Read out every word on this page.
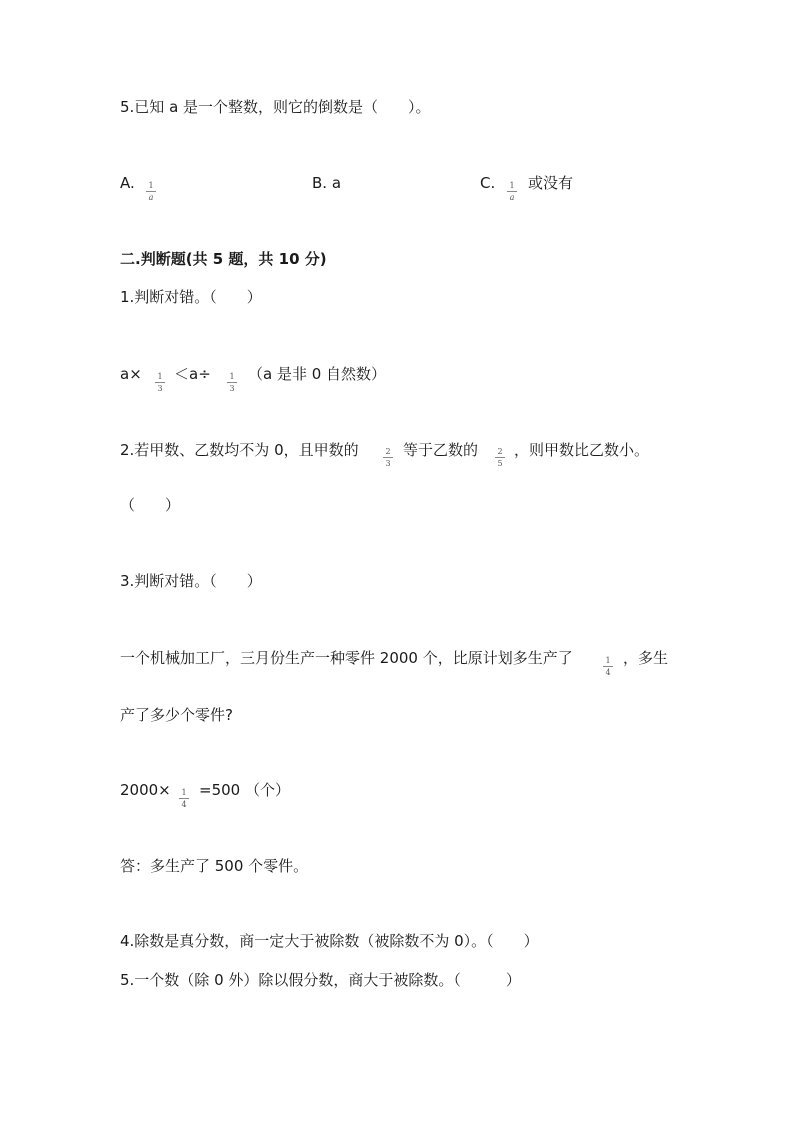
5.已知 a 是一个整数，则它的倒数是（　　）。
A.	1
a
B. a	C.	1
a
或没有
二.判断题(共 5 题，共 10 分)
1.判断对错。（　　）
a×	1
3
＜a÷	1
3
（a 是非 0 自然数）
2.若甲数、乙数均不为 0，且甲数的	2
3
等于乙数的	2
5
，则甲数比乙数小。
（　　）
3.判断对错。（　　）
一个机械加工厂，三月份生产一种零件 2000 个，比原计划多生产了	1
4
，多生
产了多少个零件?
2000×	1
4
=500 （个）
答：多生产了 500 个零件。
4.除数是真分数，商一定大于被除数（被除数不为 0）。（　　）
5.一个数（除 0 外）除以假分数，商大于被除数。（　　　）
